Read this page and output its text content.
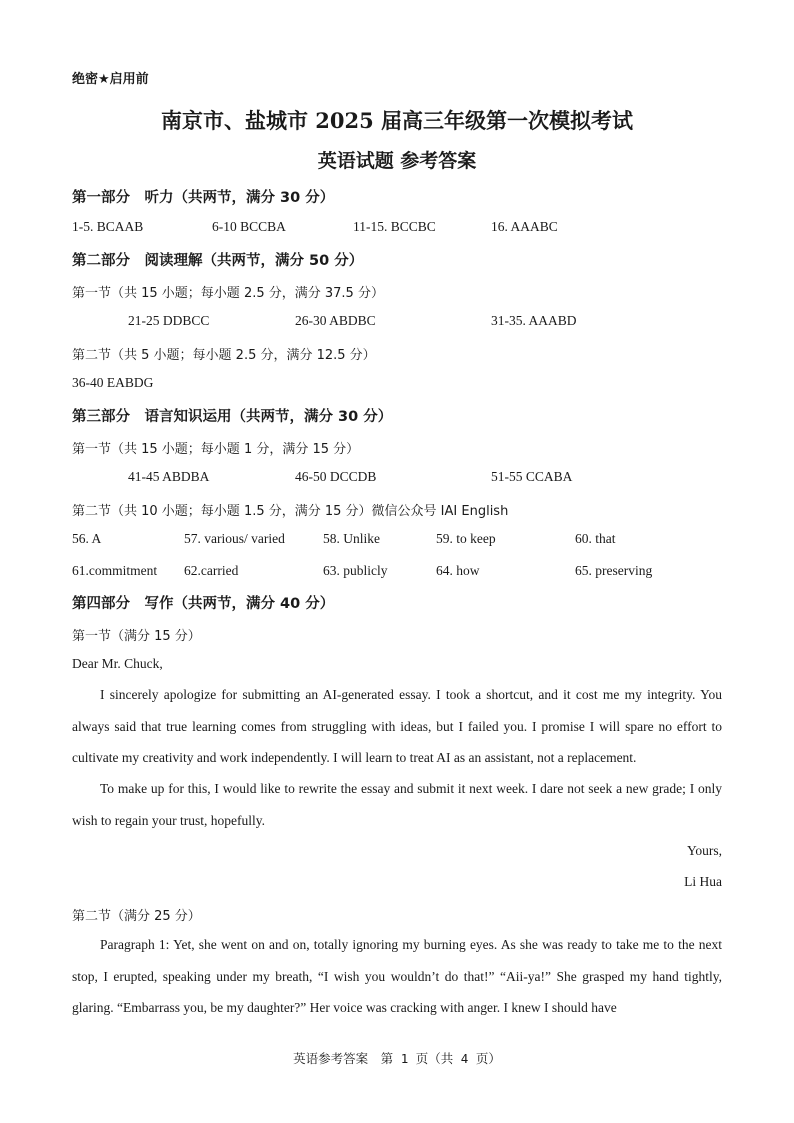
绝密★启用前
南京市、盐城市 2025 届高三年级第一次模拟考试
英语试题 参考答案
第一部分　听力（共两节，满分 30 分）
1-5. BCAAB	6-10 BCCBA	11-15. BCCBC	16. AAABC
第二部分　阅读理解（共两节，满分 50 分）
第一节（共 15 小题；每小题 2.5 分，满分 37.5 分）
21-25 DDBCC	26-30 ABDBC	31-35. AAABD
第二节（共 5 小题；每小题 2.5 分，满分 12.5 分）
36-40 EABDG
第三部分　语言知识运用（共两节，满分 30 分）
第一节（共 15 小题；每小题 1 分，满分 15 分）
41-45 ABDBA	46-50 DCCDB	51-55 CCABA
第二节（共 10 小题；每小题 1.5 分，满分 15 分）微信公众号 IAI English
56. A	57. various/ varied	58. Unlike	59. to keep	60. that
61.commitment 62.carried	63. publicly	64. how	65. preserving
第四部分　写作（共两节，满分 40 分）
第一节（满分 15 分）
Dear Mr. Chuck,

I sincerely apologize for submitting an AI-generated essay. I took a shortcut, and it cost me my integrity. You always said that true learning comes from struggling with ideas, but I failed you. I promise I will spare no effort to cultivate my creativity and work independently. I will learn to treat AI as an assistant, not a replacement.

To make up for this, I would like to rewrite the essay and submit it next week. I dare not seek a new grade; I only wish to regain your trust, hopefully.

Yours,
Li Hua
第二节（满分 25 分）

Paragraph 1: Yet, she went on and on, totally ignoring my burning eyes. As she was ready to take me to the next stop, I erupted, speaking under my breath, “I wish you wouldn’t do that!” “Aii-ya!” She grasped my hand tightly, glaring. “Embarrass you, be my daughter?” Her voice was cracking with anger. I knew I should have

英语参考答案　第 1 页（共 4 页）
